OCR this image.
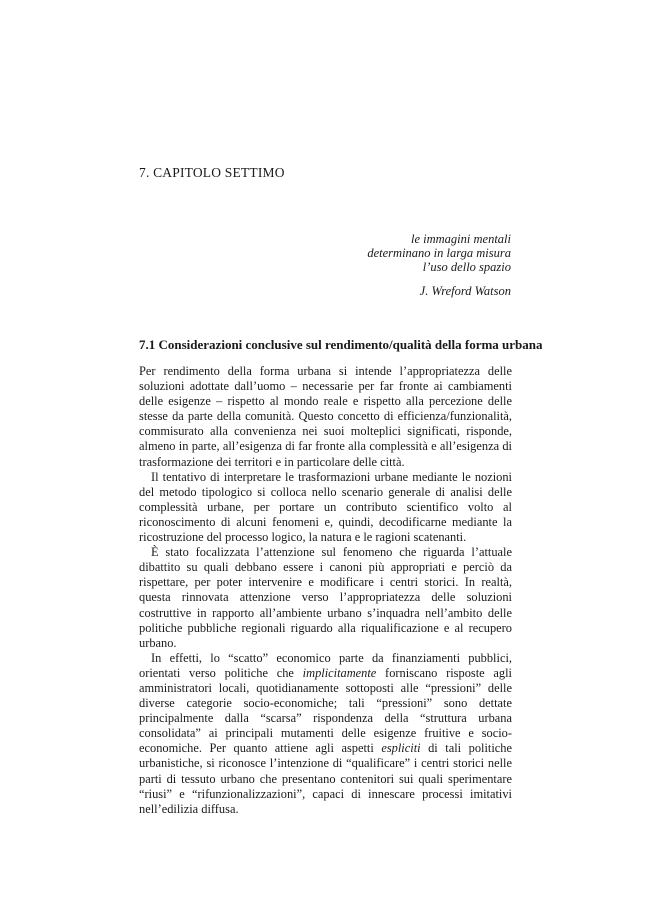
7. CAPITOLO SETTIMO
le immagini mentali
determinano in larga misura
l’uso dello spazio
J. Wreford Watson
7.1 Considerazioni conclusive sul rendimento/qualità della forma urbana

Per rendimento della forma urbana si intende l’appropriatezza delle soluzioni adottate dall’uomo – necessarie per far fronte ai cambiamenti delle esigenze – rispetto al mondo reale e rispetto alla percezione delle stesse da parte della comunità. Questo concetto di efficienza/funzionalità, commisurato alla convenienza nei suoi molteplici significati, risponde, almeno in parte, all’esigenza di far fronte alla complessità e all’esigenza di trasformazione dei territori e in particolare delle città.

Il tentativo di interpretare le trasformazioni urbane mediante le nozioni del metodo tipologico si colloca nello scenario generale di analisi delle complessità urbane, per portare un contributo scientifico volto al riconoscimento di alcuni fenomeni e, quindi, decodificarne mediante la ricostruzione del processo logico, la natura e le ragioni scatenanti.

È stato focalizzata l’attenzione sul fenomeno che riguarda l’attuale dibattito su quali debbano essere i canoni più appropriati e perciò da rispettare, per poter intervenire e modificare i centri storici. In realtà, questa rinnovata attenzione verso l’appropriatezza delle soluzioni costruttive in rapporto all’ambiente urbano s’inquadra nell’ambito delle politiche pubbliche regionali riguardo alla riqualificazione e al recupero urbano.

In effetti, lo “scatto” economico parte da finanziamenti pubblici, orientati verso politiche che implicitamente forniscano risposte agli amministratori locali, quotidianamente sottoposti alle “pressioni” delle diverse categorie socio-economiche; tali “pressioni” sono dettate principalmente dalla “scarsa” rispondenza della “struttura urbana consolidata” ai principali mutamenti delle esigenze fruitive e socio-economiche. Per quanto attiene agli aspetti espliciti di tali politiche urbanistiche, si riconosce l’intenzione di “qualificare” i centri storici nelle parti di tessuto urbano che presentano contenitori sui quali sperimentare “riusi” e “rifunzionalizzazioni”, capaci di innescare processi imitativi nell’edilizia diffusa.
